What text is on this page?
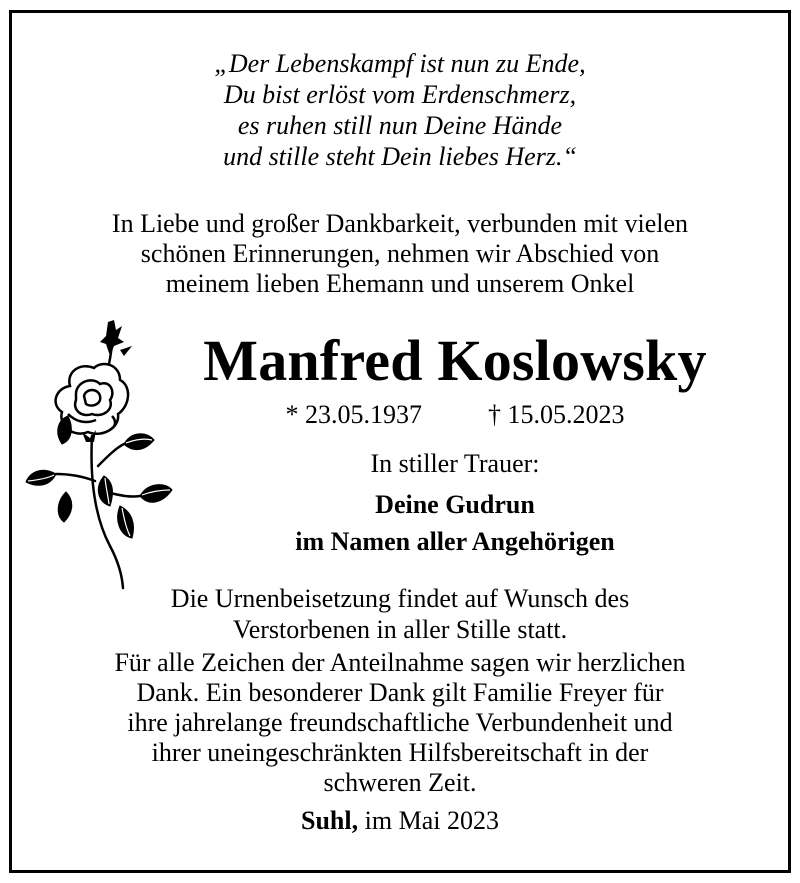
„Der Lebenskampf ist nun zu Ende,
Du bist erlöst vom Erdenschmerz,
es ruhen still nun Deine Hände
und stille steht Dein liebes Herz.“
In Liebe und großer Dankbarkeit, verbunden mit vielen
schönen Erinnerungen, nehmen wir Abschied von
meinem lieben Ehemann und unserem Onkel
Manfred Koslowsky
* 23.05.1937	† 15.05.2023
In stiller Trauer:
Deine Gudrun
im Namen aller Angehörigen
Die Urnenbeisetzung findet auf Wunsch des
Verstorbenen in aller Stille statt.
Für alle Zeichen der Anteilnahme sagen wir herzlichen
Dank. Ein besonderer Dank gilt Familie Freyer für
ihre jahrelange freundschaftliche Verbundenheit und
ihrer uneingeschränkten Hilfsbereitschaft in der
schweren Zeit.
Suhl, im Mai 2023
